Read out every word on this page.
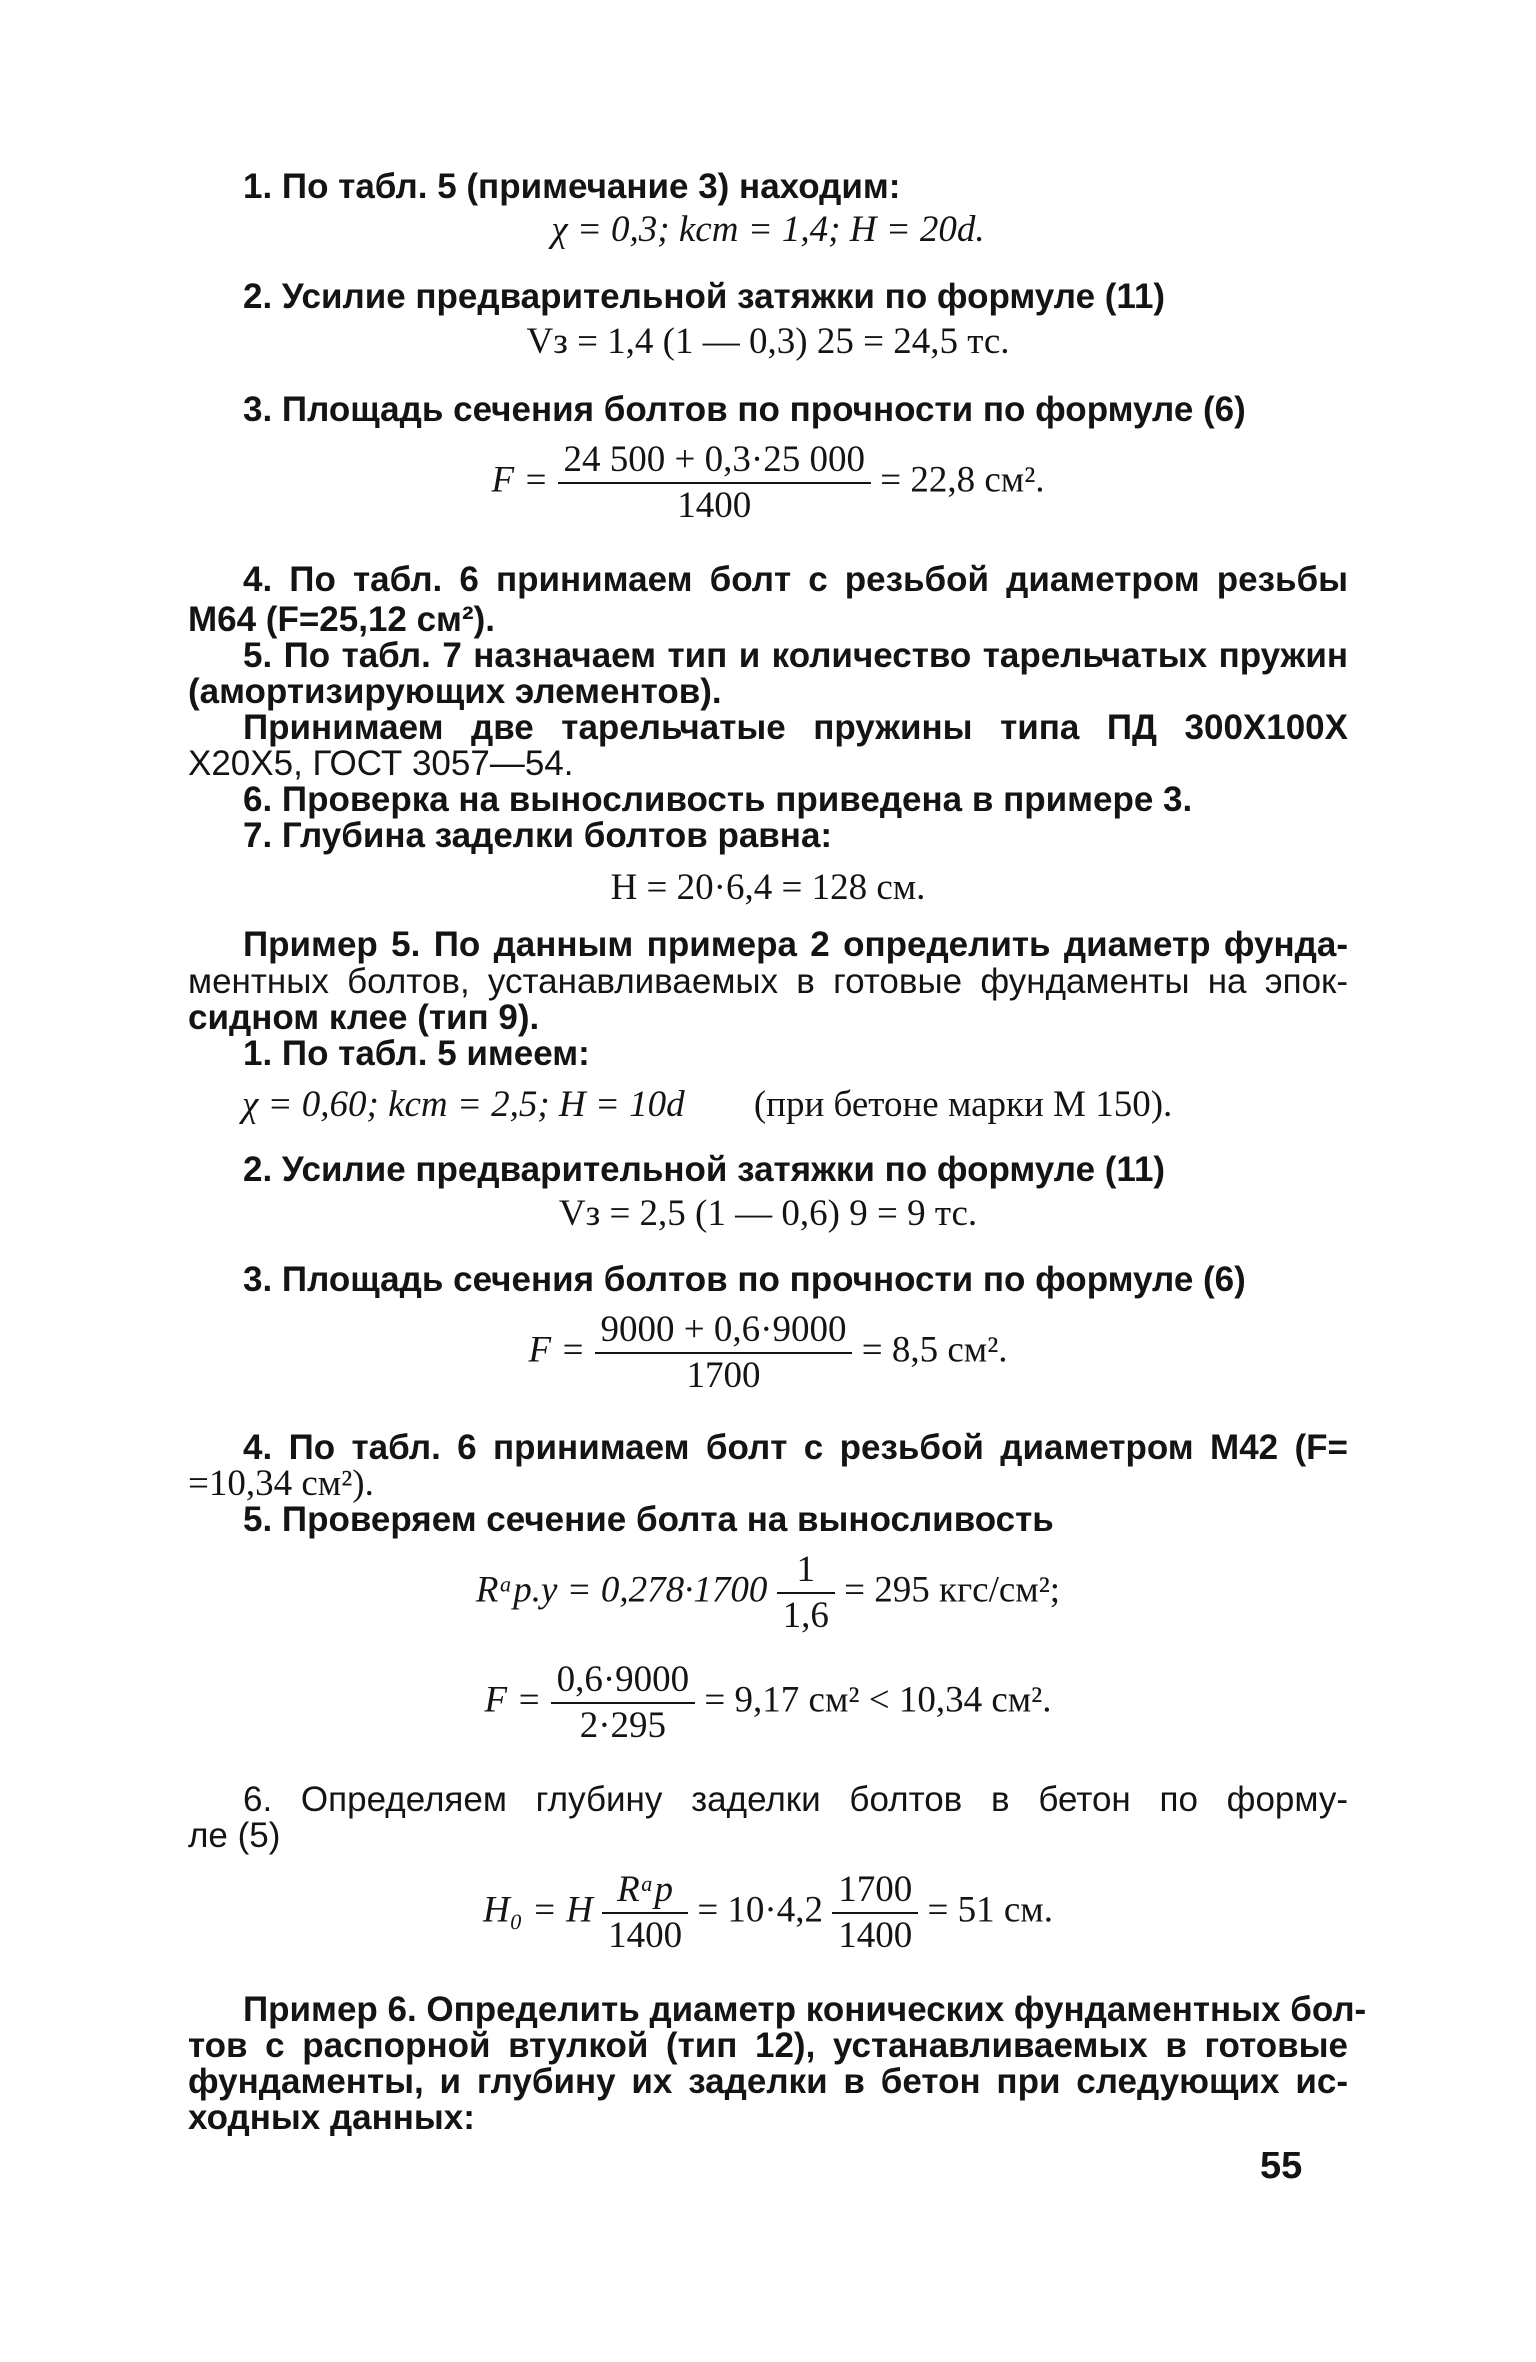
1. По табл. 5 (примечание 3) находим:
χ = 0,3; kст = 1,4; H = 20d.
2. Усилие предварительной затяжки по формуле (11)
Vз = 1,4 (1 — 0,3) 25 = 24,5 тс.
3. Площадь сечения болтов по прочности по формуле (6)
$F = \frac{24 500 + 0,3\cdot 25 000}{1400} = 22,8$ см².
4. По табл. 6 принимаем болт с резьбой диаметром резьбы
М64 (F=25,12 см²).
5. По табл. 7 назначаем тип и количество тарельчатых пружин
(амортизирующих элементов).
Принимаем две тарельчатые пружины типа ПД 300X100X
X20X5, ГОСТ 3057—54.
6. Проверка на выносливость приведена в примере 3.
7. Глубина заделки болтов равна:
H = 20·6,4 = 128 см.
Пример 5. По данным примера 2 определить диаметр фунда-
ментных болтов, устанавливаемых в готовые фундаменты на эпок-
сидном клее (тип 9).
1. По табл. 5 имеем:
χ = 0,60; kст = 2,5; H = 10d (при бетоне марки М 150).
2. Усилие предварительной затяжки по формуле (11)
Vз = 2,5 (1 — 0,6) 9 = 9 тс.
3. Площадь сечения болтов по прочности по формуле (6)
$F = \frac{9000 + 0,6\cdot 9000}{1700} = 8,5$ см².
4. По табл. 6 принимаем болт с резьбой диаметром М42 (F=
=10,34 см²).
5. Проверяем сечение болта на выносливость
Rᵃр.у = $0,278\cdot 1700 \frac{1}{1,6} = 295$ кгс/см²;
$F = \frac{0,6\cdot 9000}{2\cdot 295} = 9,17$ см² < 10,34 см².
6. Определяем глубину заделки болтов в бетон по форму-
ле (5)
H₀ = H Rᵃр
1400
= $10\cdot 4,2 \frac{1700}{1400} = 51$ см.
Пример 6. Определить диаметр конических фундаментных бол-
тов с распорной втулкой (тип 12), устанавливаемых в готовые
фундаменты, и глубину их заделки в бетон при следующих ис-
ходных данных:
55
